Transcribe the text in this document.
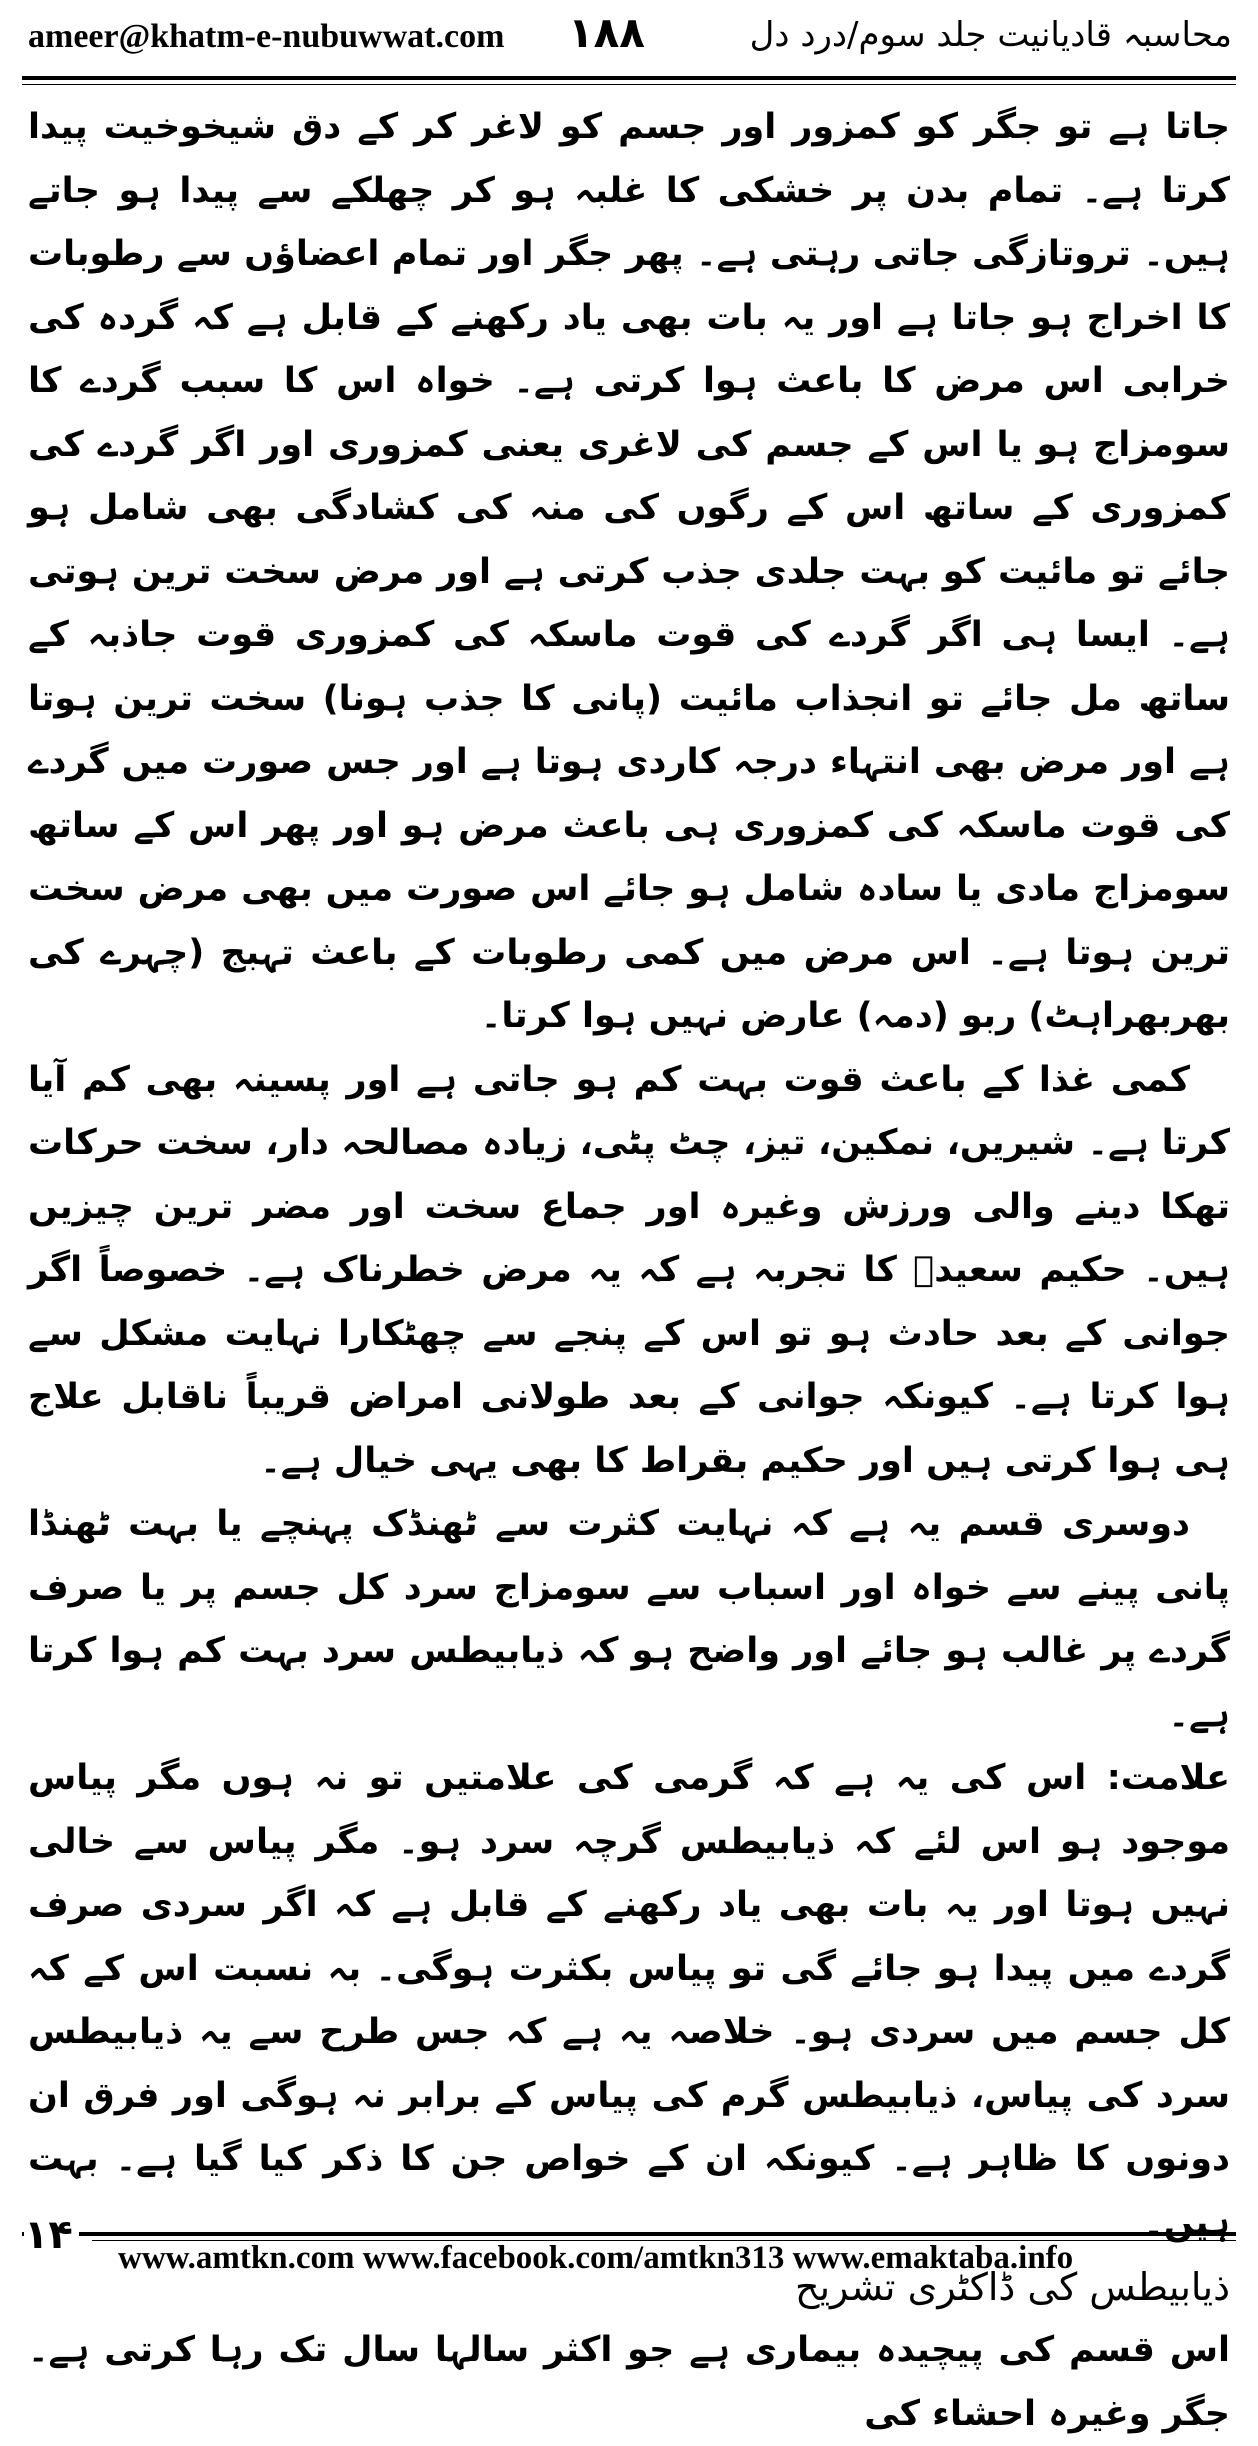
ameer@khatm-e-nubuwwat.com ۱۸۸	محاسبہ قادیانیت جلد سوم/درد دل

جاتا ہے تو جگر کو کمزور اور جسم کو لاغر کر کے دق شیخوخیت پیدا کرتا ہے۔ تمام بدن پر خشکی کا غلبہ ہو کر چھلکے سے پیدا ہو جاتے ہیں۔ تروتازگی جاتی رہتی ہے۔ پھر جگر اور تمام اعضاؤں سے رطوبات کا اخراج ہو جاتا ہے اور یہ بات بھی یاد رکھنے کے قابل ہے کہ گردہ کی خرابی اس مرض کا باعث ہوا کرتی ہے۔ خواہ اس کا سبب گردے کا سومزاج ہو یا اس کے جسم کی لاغری یعنی کمزوری اور اگر گردے کی کمزوری کے ساتھ اس کے رگوں کی منہ کی کشادگی بھی شامل ہو جائے تو مائیت کو بہت جلدی جذب کرتی ہے اور مرض سخت ترین ہوتی ہے۔ ایسا ہی اگر گردے کی قوت ماسکہ کی کمزوری قوت جاذبہ کے ساتھ مل جائے تو انجذاب مائیت (پانی کا جذب ہونا) سخت ترین ہوتا ہے اور مرض بھی انتہاء درجہ کاردی ہوتا ہے اور جس صورت میں گردے کی قوت ماسکہ کی کمزوری ہی باعث مرض ہو اور پھر اس کے ساتھ سومزاج مادی یا سادہ شامل ہو جائے اس صورت میں بھی مرض سخت ترین ہوتا ہے۔ اس مرض میں کمی رطوبات کے باعث تہبج (چہرے کی بھربھراہٹ) ربو (دمہ) عارض نہیں ہوا کرتا۔

کمی غذا کے باعث قوت بہت کم ہو جاتی ہے اور پسینہ بھی کم آیا کرتا ہے۔ شیریں، نمکین، تیز، چٹ پٹی، زیادہ مصالحہ دار، سخت حرکات تھکا دینے والی ورزش وغیرہ اور جماع سخت اور مضر ترین چیزیں ہیں۔ حکیم سعیدؒ کا تجربہ ہے کہ یہ مرض خطرناک ہے۔ خصوصاً اگر جوانی کے بعد حادث ہو تو اس کے پنجے سے چھٹکارا نہایت مشکل سے ہوا کرتا ہے۔ کیونکہ جوانی کے بعد طولانی امراض قریباً ناقابل علاج ہی ہوا کرتی ہیں اور حکیم بقراط کا بھی یہی خیال ہے۔

دوسری قسم یہ ہے کہ نہایت کثرت سے ٹھنڈک پہنچے یا بہت ٹھنڈا پانی پینے سے خواہ اور اسباب سے سومزاج سرد کل جسم پر یا صرف گردے پر غالب ہو جائے اور واضح ہو کہ ذیابیطس سرد بہت کم ہوا کرتا ہے۔

علامت: اس کی یہ ہے کہ گرمی کی علامتیں تو نہ ہوں مگر پیاس موجود ہو اس لئے کہ ذیابیطس گرچہ سرد ہو۔ مگر پیاس سے خالی نہیں ہوتا اور یہ بات بھی یاد رکھنے کے قابل ہے کہ اگر سردی صرف گردے میں پیدا ہو جائے گی تو پیاس بکثرت ہوگی۔ بہ نسبت اس کے کہ کل جسم میں سردی ہو۔ خلاصہ یہ ہے کہ جس طرح سے یہ ذیابیطس سرد کی پیاس، ذیابیطس گرم کی پیاس کے برابر نہ ہوگی اور فرق ان دونوں کا ظاہر ہے۔ کیونکہ ان کے خواص جن کا ذکر کیا گیا ہے۔ بہت ہیں۔

ذیابیطس کی ڈاکٹری تشریح

اس قسم کی پیچیدہ بیماری ہے جو اکثر سالہا سال تک رہا کرتی ہے۔ جگر وغیرہ احشاء کی

۱۴ www.amtkn.com www.facebook.com/amtkn313 www.emaktaba.info
